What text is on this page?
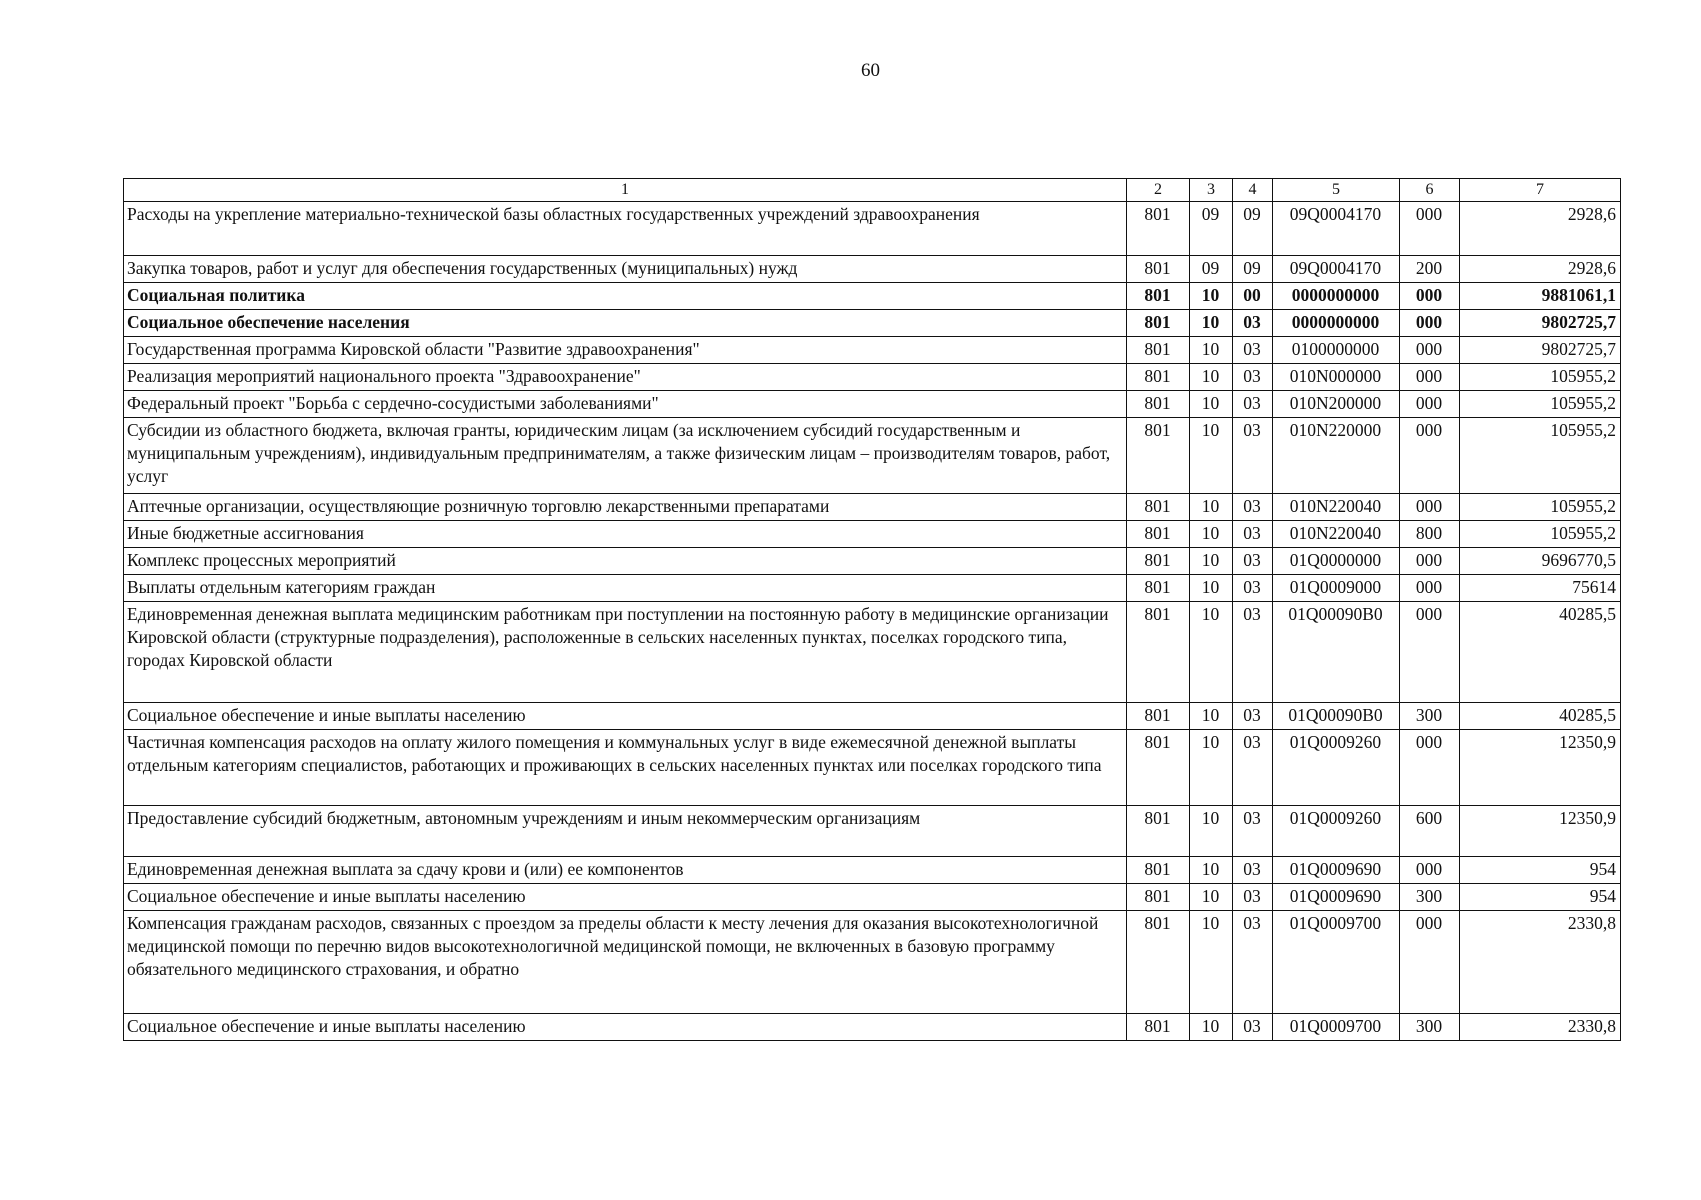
60
1	2	3	4	5	6	7
Расходы на укрепление материально-технической базы областных государственных учреждений здравоохранения	801	09	09	09Q0004170	000	2928,6
Закупка товаров, работ и услуг для обеспечения государственных (муниципальных) нужд	801	09	09	09Q0004170	200	2928,6
Социальная политика	801	10	00	0000000000	000	9881061,1
Социальное обеспечение населения	801	10	03	0000000000	000	9802725,7
Государственная программа Кировской области "Развитие здравоохранения"	801	10	03	0100000000	000	9802725,7
Реализация мероприятий национального проекта "Здравоохранение"	801	10	03	010N000000	000	105955,2
Федеральный проект "Борьба с сердечно-сосудистыми заболеваниями"	801	10	03	010N200000	000	105955,2
Субсидии из областного бюджета, включая гранты, юридическим лицам (за исключением субсидий государственным и муниципальным учреждениям), индивидуальным предпринимателям, а также физическим лицам – производителям товаров, работ, услуг	801	10	03	010N220000	000	105955,2
Аптечные организации, осуществляющие розничную торговлю лекарственными препаратами	801	10	03	010N220040	000	105955,2
Иные бюджетные ассигнования	801	10	03	010N220040	800	105955,2
Комплекс процессных мероприятий	801	10	03	01Q0000000	000	9696770,5
Выплаты отдельным категориям граждан	801	10	03	01Q0009000	000	75614
Единовременная денежная выплата медицинским работникам при поступлении на постоянную работу в медицинские организации Кировской области (структурные подразделения), расположенные в сельских населенных пунктах, поселках городского типа, городах Кировской области	801	10	03	01Q00090B0	000	40285,5
Социальное обеспечение и иные выплаты населению	801	10	03	01Q00090B0	300	40285,5
Частичная компенсация расходов на оплату жилого помещения и коммунальных услуг в виде ежемесячной денежной выплаты отдельным категориям специалистов, работающих и проживающих в сельских населенных пунктах или поселках городского типа	801	10	03	01Q0009260	000	12350,9
Предоставление субсидий бюджетным, автономным учреждениям и иным некоммерческим организациям	801	10	03	01Q0009260	600	12350,9
Единовременная денежная выплата за сдачу крови и (или) ее компонентов	801	10	03	01Q0009690	000	954
Социальное обеспечение и иные выплаты населению	801	10	03	01Q0009690	300	954
Компенсация гражданам расходов, связанных с проездом за пределы области к месту лечения для оказания высокотехнологичной медицинской помощи по перечню видов высокотехнологичной медицинской помощи, не включенных в базовую программу обязательного медицинского страхования, и обратно	801	10	03	01Q0009700	000	2330,8
Социальное обеспечение и иные выплаты населению	801	10	03	01Q0009700	300	2330,8
